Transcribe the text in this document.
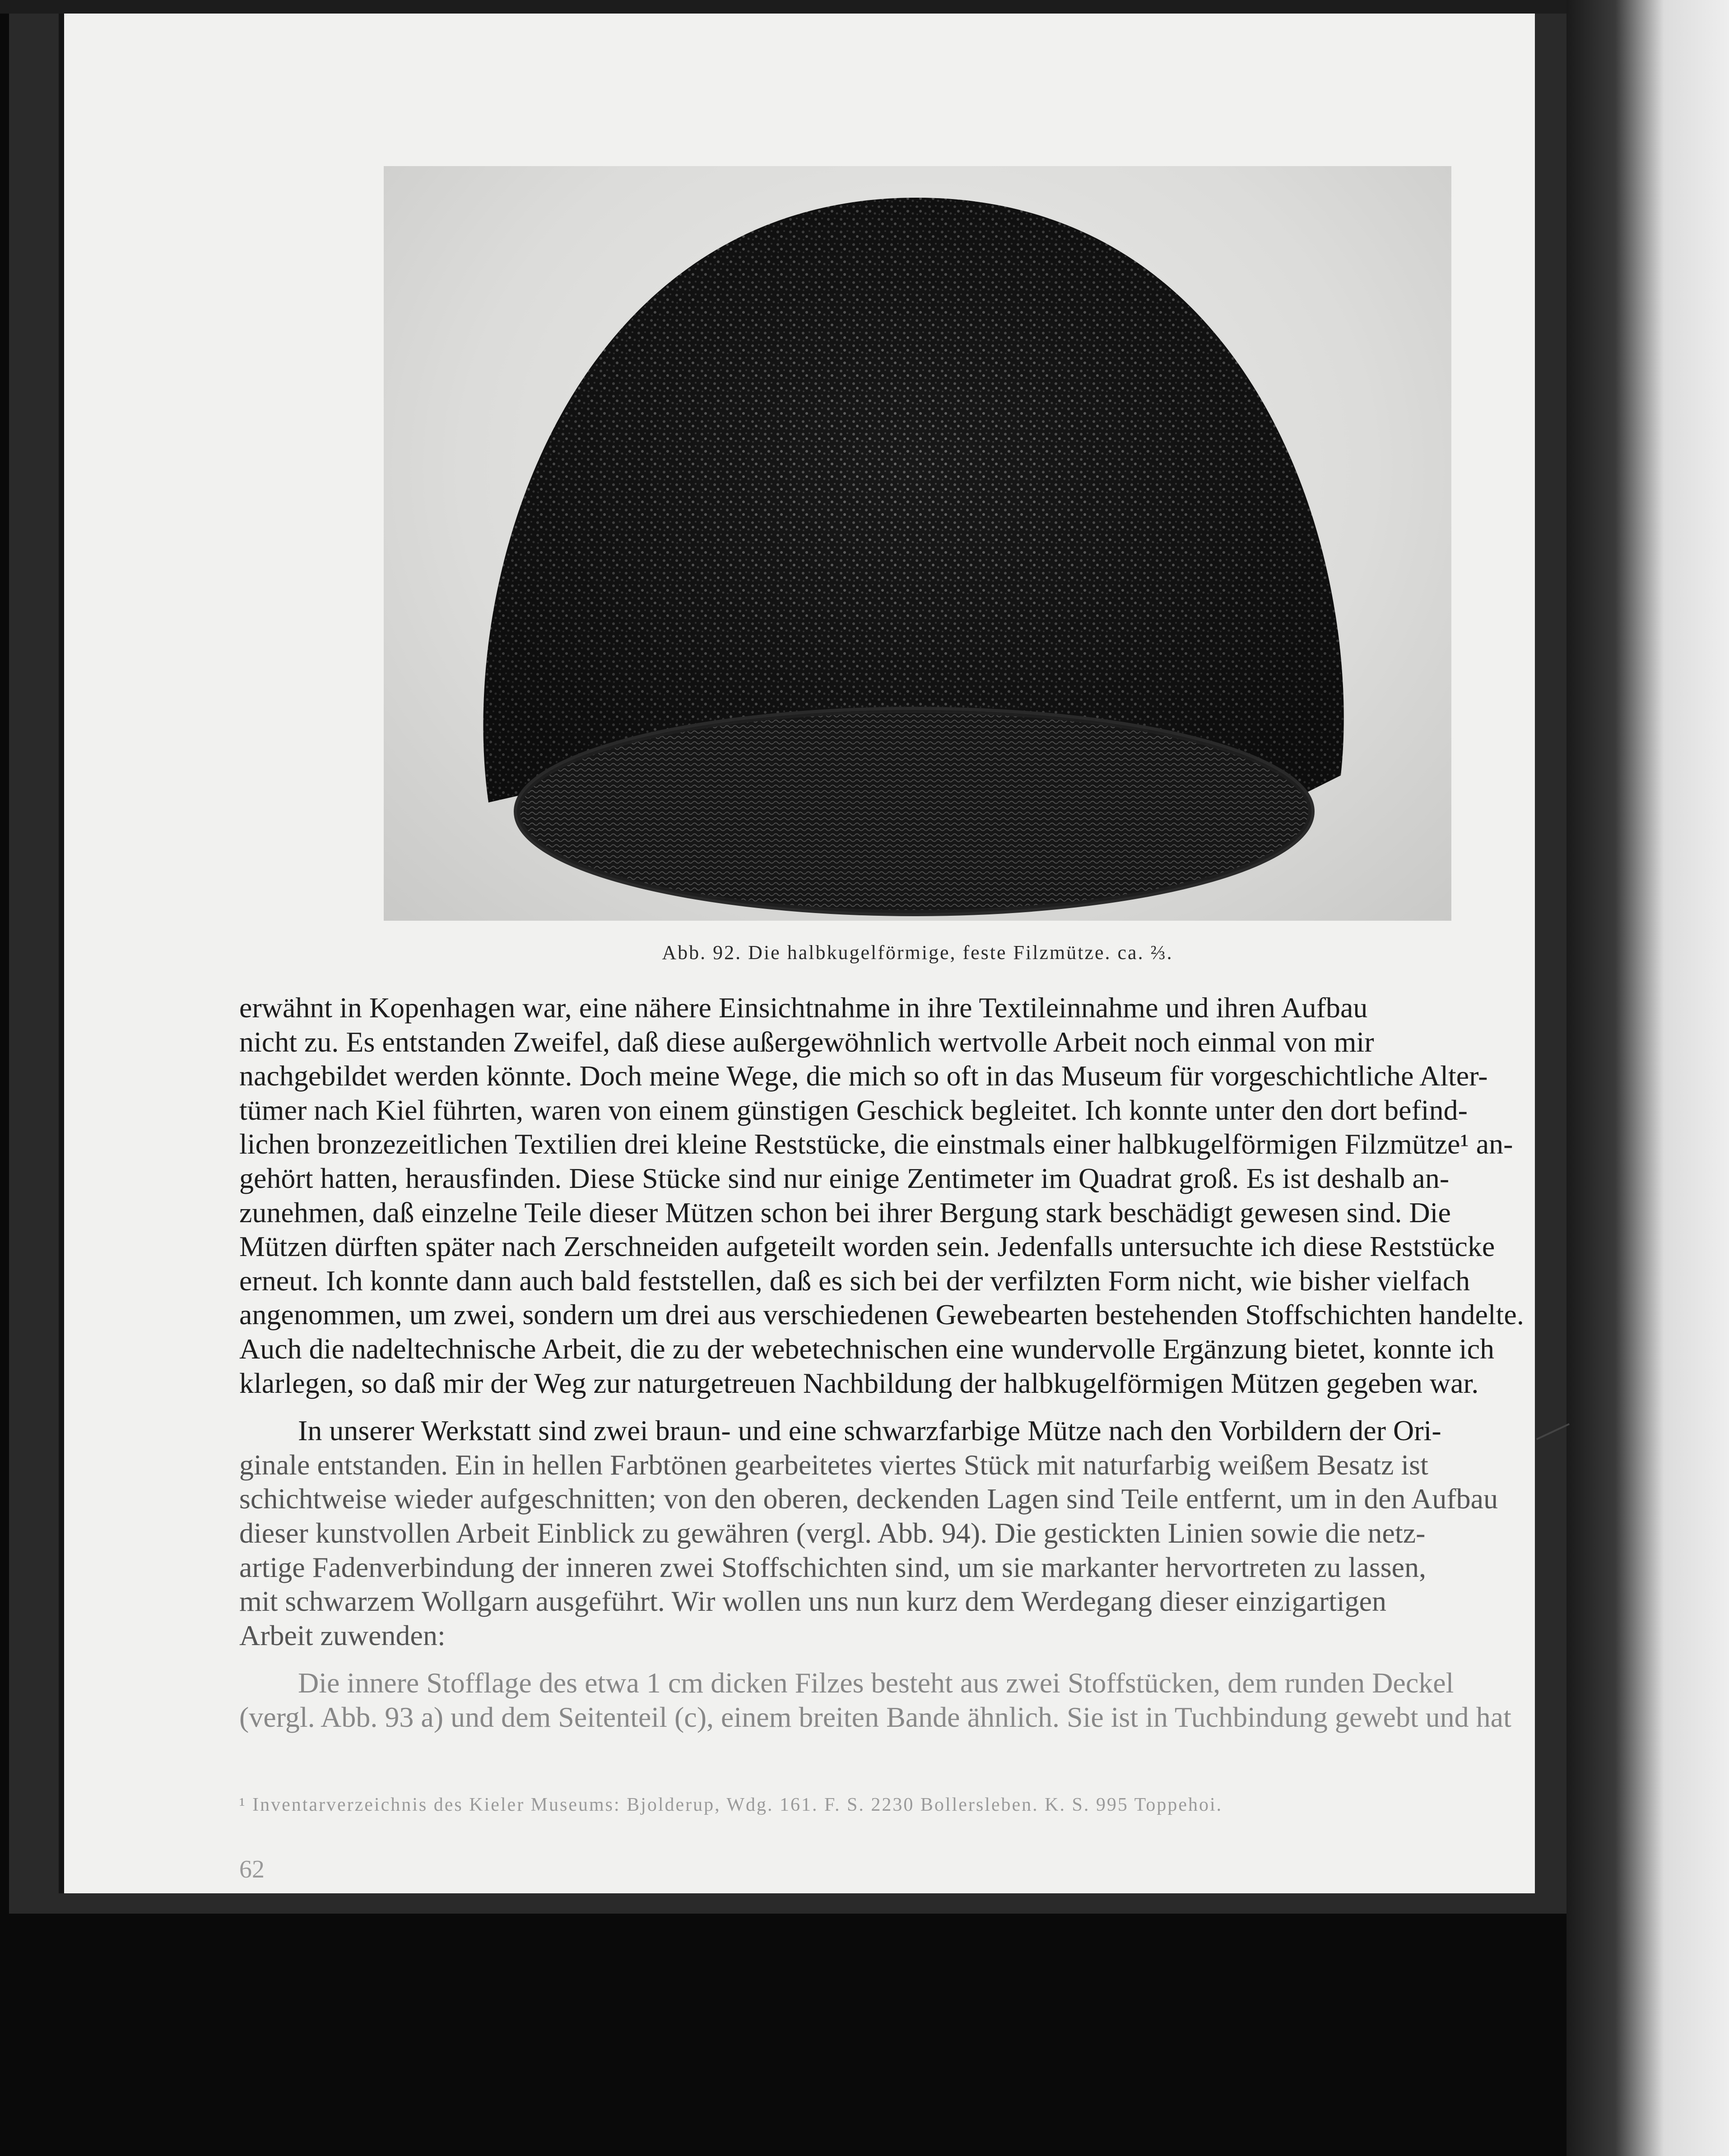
Abb. 92. Die halbkugelförmige, feste Filzmütze. ca. ⅔.

erwähnt in Kopenhagen war, eine nähere Einsichtnahme in ihre Textileinnahme und ihren Aufbau

nicht zu. Es entstanden Zweifel, daß diese außergewöhnlich wertvolle Arbeit noch einmal von mir

nachgebildet werden könnte. Doch meine Wege, die mich so oft in das Museum für vorgeschichtliche Alter-

tümer nach Kiel führten, waren von einem günstigen Geschick begleitet. Ich konnte unter den dort befind-

lichen bronzezeitlichen Textilien drei kleine Reststücke, die einstmals einer halbkugelförmigen Filzmütze¹ an-

gehört hatten, herausfinden. Diese Stücke sind nur einige Zentimeter im Quadrat groß. Es ist deshalb an-

zunehmen, daß einzelne Teile dieser Mützen schon bei ihrer Bergung stark beschädigt gewesen sind. Die

Mützen dürften später nach Zerschneiden aufgeteilt worden sein. Jedenfalls untersuchte ich diese Reststücke

erneut. Ich konnte dann auch bald feststellen, daß es sich bei der verfilzten Form nicht, wie bisher vielfach

angenommen, um zwei, sondern um drei aus verschiedenen Gewebearten bestehenden Stoffschichten handelte.

Auch die nadeltechnische Arbeit, die zu der webetechnischen eine wundervolle Ergänzung bietet, konnte ich

klarlegen, so daß mir der Weg zur naturgetreuen Nachbildung der halbkugelförmigen Mützen gegeben war.

In unserer Werkstatt sind zwei braun- und eine schwarzfarbige Mütze nach den Vorbildern der Ori-

ginale entstanden. Ein in hellen Farbtönen gearbeitetes viertes Stück mit naturfarbig weißem Besatz ist

schichtweise wieder aufgeschnitten; von den oberen, deckenden Lagen sind Teile entfernt, um in den Aufbau

dieser kunstvollen Arbeit Einblick zu gewähren (vergl. Abb. 94). Die gestickten Linien sowie die netz-

artige Fadenverbindung der inneren zwei Stoffschichten sind, um sie markanter hervortreten zu lassen,

mit schwarzem Wollgarn ausgeführt. Wir wollen uns nun kurz dem Werdegang dieser einzigartigen

Arbeit zuwenden:

Die innere Stofflage des etwa 1 cm dicken Filzes besteht aus zwei Stoffstücken, dem runden Deckel

(vergl. Abb. 93 a) und dem Seitenteil (c), einem breiten Bande ähnlich. Sie ist in Tuchbindung gewebt und hat

¹ Inventarverzeichnis des Kieler Museums: Bjolderup, Wdg. 161. F. S. 2230 Bollersleben. K. S. 995 Toppehoi.
62
